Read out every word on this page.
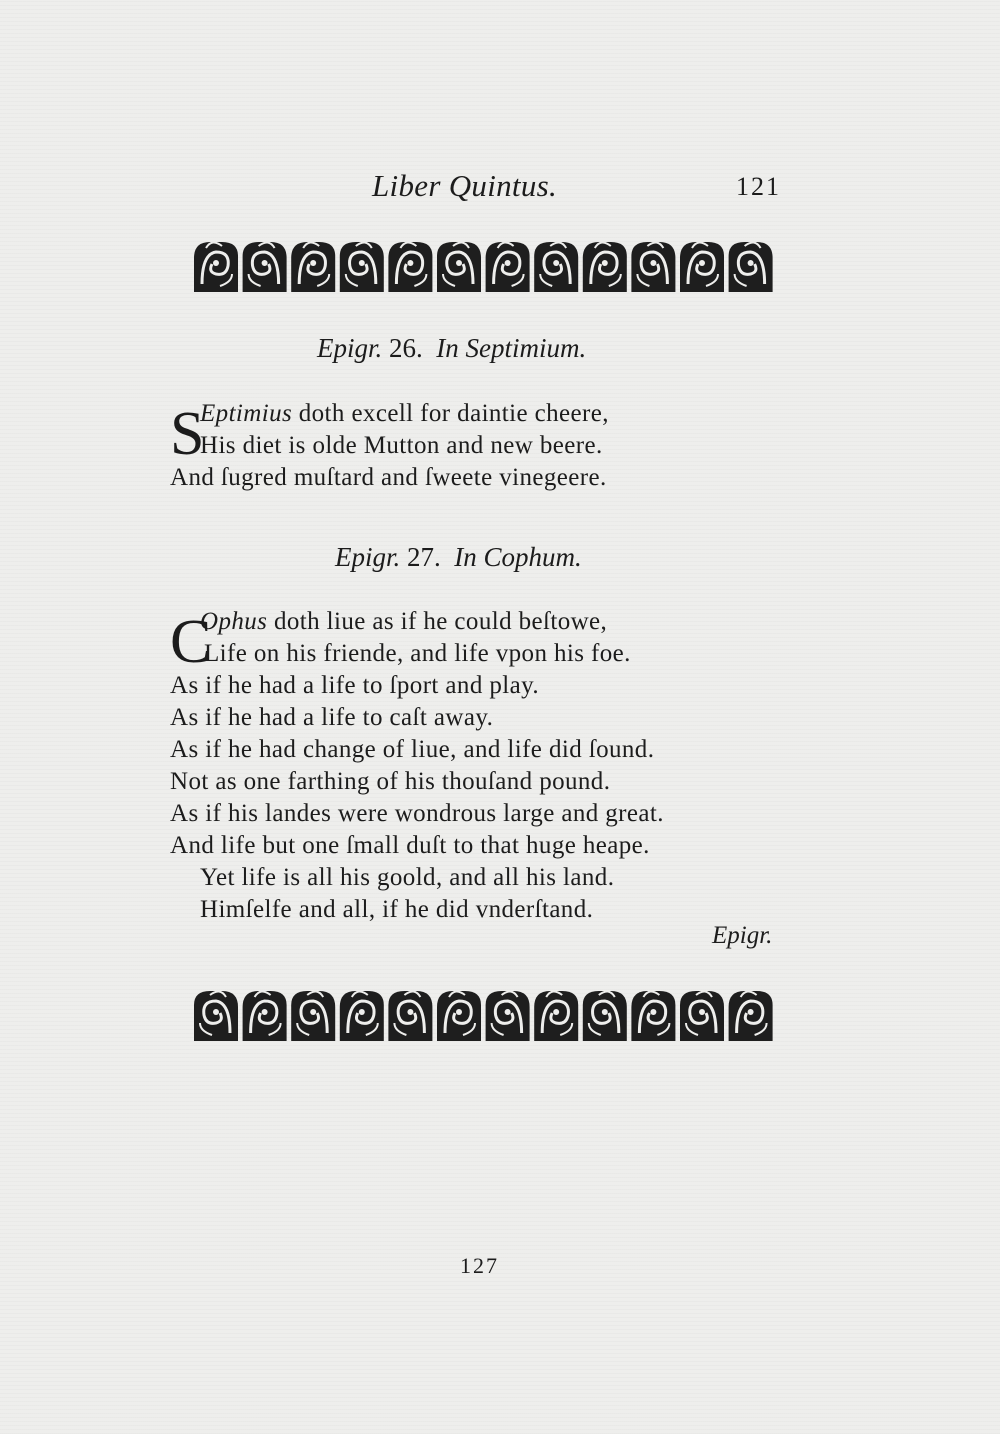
Liber Quintus.	121
Epigr. 26. In Septimium.
S
Eptimius doth excell for daintie cheere,
His diet is olde Mutton and new beere.
And ſugred muſtard and ſweete vinegeere.
Epigr. 27. In Cophum.
C
Ophus doth liue as if he could beſtowe,
Life on his friende, and life vpon his foe.
As if he had a life to ſport and play.
As if he had a life to caſt away.
As if he had change of liue, and life did ſound.
Not as one farthing of his thouſand pound.
As if his landes were wondrous large and great.
And life but one ſmall duſt to that huge heape.
Yet life is all his goold, and all his land.
Himſelfe and all, if he did vnderſtand.
Epigr.
127
